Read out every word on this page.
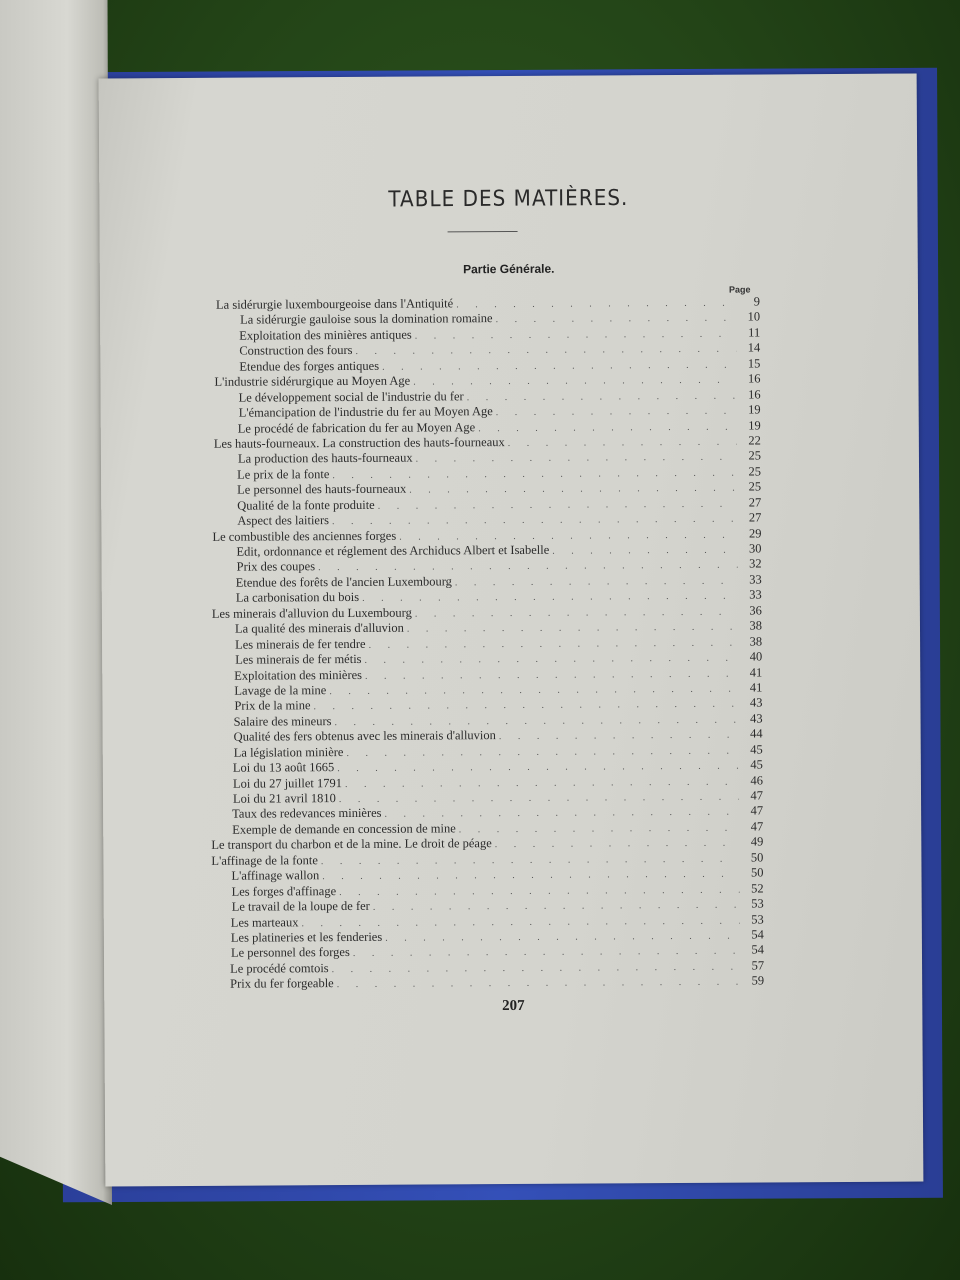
TABLE DES MATIÈRES.
Partie Générale.
Page
La sidérurgie luxembourgeoise dans l'Antiquité . . .	9
La sidérurgie gauloise sous la domination romaine . . .	10
Exploitation des minières antiques . . .	11
Construction des fours . . .	14
Etendue des forges antiques . . .	15
L'industrie sidérurgique au Moyen Age . . .	16
Le développement social de l'industrie du fer . . .	16
L'émancipation de l'industrie du fer au Moyen Age . . .	19
Le procédé de fabrication du fer au Moyen Age . . .	19
Les hauts-fourneaux. La construction des hauts-fourneaux . . .	22
La production des hauts-fourneaux . . .	25
Le prix de la fonte . . .	25
Le personnel des hauts-fourneaux . . .	25
Qualité de la fonte produite . . .	27
Aspect des laitiers . . .	27
Le combustible des anciennes forges . . .	29
Edit, ordonnance et réglement des Archiducs Albert et Isabelle . . .	30
Prix des coupes . . .	32
Etendue des forêts de l'ancien Luxembourg . . .	33
La carbonisation du bois . . .	33
Les minerais d'alluvion du Luxembourg . . .	36
La qualité des minerais d'alluvion . . .	38
Les minerais de fer tendre . . .	38
Les minerais de fer métis . . .	40
Exploitation des minières . . .	41
Lavage de la mine . . .	41
Prix de la mine . . .	43
Salaire des mineurs . . .	43
Qualité des fers obtenus avec les minerais d'alluvion . . .	44
La législation minière . . .	45
Loi du 13 août 1665 . . .	45
Loi du 27 juillet 1791 . . .	46
Loi du 21 avril 1810 . . .	47
Taux des redevances minières . . .	47
Exemple de demande en concession de mine . . .	47
Le transport du charbon et de la mine. Le droit de péage . . .	49
L'affinage de la fonte . . .	50
L'affinage wallon . . .	50
Les forges d'affinage . . .	52
Le travail de la loupe de fer . . .	53
Les marteaux . . .	53
Les platineries et les fenderies . . .	54
Le personnel des forges . . .	54
Le procédé comtois . . .	57
Prix du fer forgeable . . .	59
207
